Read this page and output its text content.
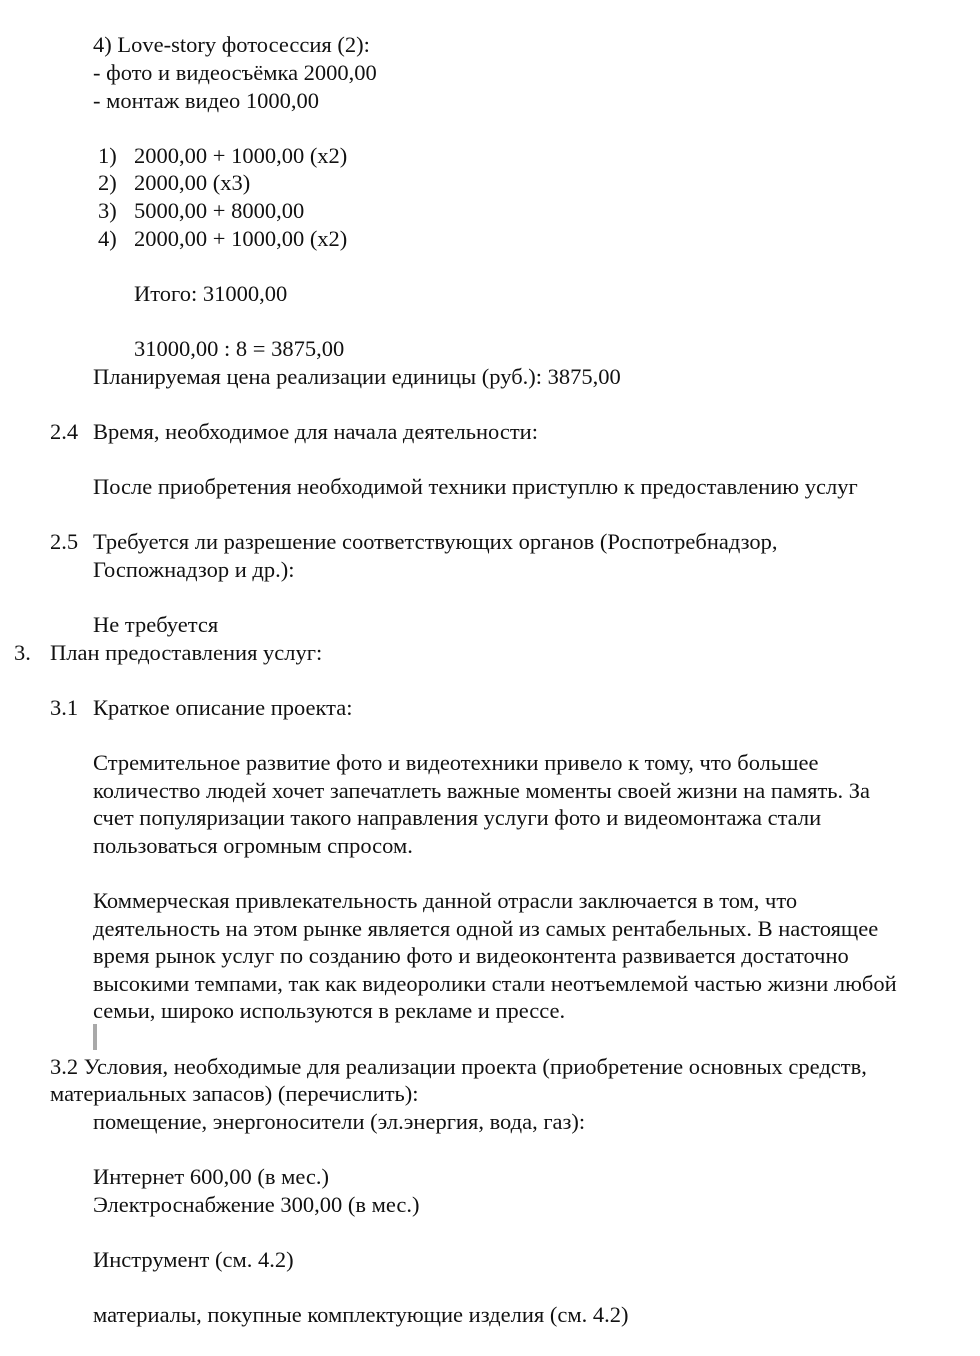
4) Love-story фотосессия (2):

- фото и видеосъёмка 2000,00

- монтаж видео 1000,00

1) 2000,00 + 1000,00 (х2)
2) 2000,00 (х3)
3) 5000,00 + 8000,00
4) 2000,00 + 1000,00 (х2)

Итого: 31000,00

31000,00 : 8 = 3875,00

Планируемая цена реализации единицы (руб.): 3875,00

2.4 Время, необходимое для начала деятельности:

После приобретения необходимой техники приступлю к предоставлению услуг

2.5 Требуется ли разрешение соответствующих органов (Роспотребнадзор,
Госпожнадзор и др.):

Не требуется

3. План предоставления услуг:
3.1 Краткое описание проекта:

Стремительное развитие фото и видеотехники привело к тому, что большее

количество людей хочет запечатлеть важные моменты своей жизни на память. За

счет популяризации такого направления услуги фото и видеомонтажа стали

пользоваться огромным спросом.

Коммерческая привлекательность данной отрасли заключается в том, что

деятельность на этом рынке является одной из самых рентабельных. В настоящее

время рынок услуг по созданию фото и видеоконтента развивается достаточно

высокими темпами, так как видеоролики стали неотъемлемой частью жизни любой

семьи, широко используются в рекламе и прессе.

3.2 Условия, необходимые для реализации проекта (приобретение основных средств,

материальных запасов) (перечислить):

помещение, энергоносители (эл.энергия, вода, газ):

Интернет 600,00 (в мес.)

Электроснабжение 300,00 (в мес.)

Инструмент (см. 4.2)

материалы, покупные комплектующие изделия (см. 4.2)
